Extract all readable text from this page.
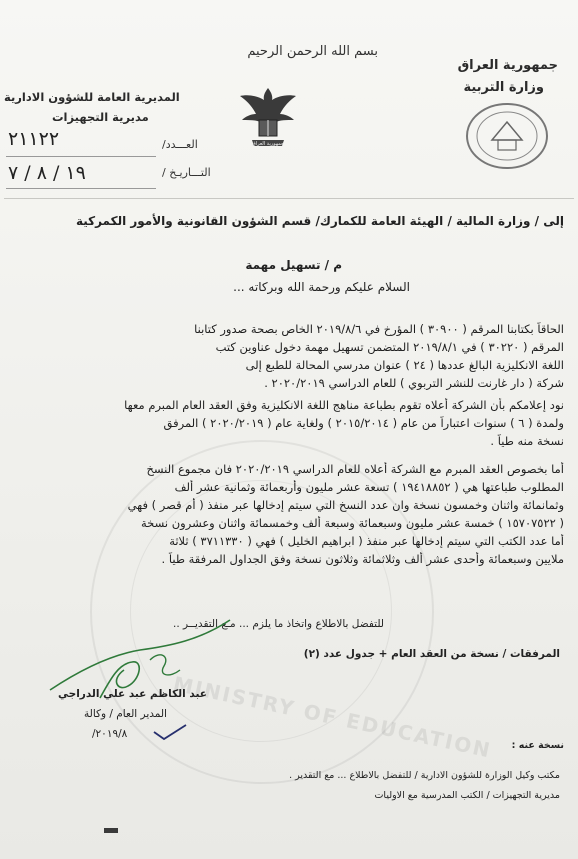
MINISTRY OF EDUCATION
جمهورية العراق
وزارة التربية
بسم الله الرحمن الرحيم
المديرية العامة للشؤون الادارية
مديرية التجهيزات
العـــدد/
٢١١٢٢
التـــاريـخ /
١٩ / ٨ / ٧
جمهورية العراق
إلى / وزارة المالية / الهيئة العامة للكمارك/ قسم الشؤون القانونية والأمور الكمركية
م / تسهيل مهمة
السلام عليكم ورحمة الله وبركاته ...
الحاقاً بكتابنا المرقم ( ٣٠٩٠٠ ) المؤرخ في ٢٠١٩/٨/٦ الخاص بصحة صدور كتابنا
المرقم ( ٣٠٢٢٠ ) في ٢٠١٩/٨/١ المتضمن تسهيل مهمة دخول عناوين كتب
اللغة الانكليزية البالغ عددها ( ٢٤ ) عنوان مدرسي المحالة للطبع إلى
شركة ( دار غارنت للنشر التربوي ) للعام الدراسي ٢٠٢٠/٢٠١٩ .
نود إعلامكم بأن الشركة أعلاه تقوم بطباعة مناهج اللغة الانكليزية وفق العقد العام المبرم معها
ولمدة ( ٦ ) سنوات اعتباراً من عام ( ٢٠١٥/٢٠١٤ ) ولغاية عام ( ٢٠٢٠/٢٠١٩ ) المرفق
نسخة منه طياً .
أما بخصوص العقد المبرم مع الشركة أعلاه للعام الدراسي ٢٠٢٠/٢٠١٩ فان مجموع النسخ
المطلوب طباعتها هي ( ١٩٤١٨٨٥٢ ) تسعة عشر مليون وأربعمائة وثمانية عشر ألف
وثمانمائة واثنان وخمسون نسخة وان عدد النسخ التي سيتم إدخالها عبر منفذ ( أم قصر ) فهي
( ١٥٧٠٧٥٢٢ ) خمسة عشر مليون وسبعمائة وسبعة ألف وخمسمائة واثنان وعشرون نسخة
أما عدد الكتب التي سيتم إدخالها عبر منفذ ( ابراهيم الخليل ) فهي ( ٣٧١١٣٣٠ ) ثلاثة
ملايين وسبعمائة وأحدى عشر ألف وثلاثمائة وثلاثون نسخة وفق الجداول المرفقة طياً .
للتفضل بالاطلاع واتخاذ ما يلزم ... مـع التقديــر ..
المرفقات / نسخة من العقد العام + جدول عدد (٢)
عبد الكاظم عبد علي الدراجي
المدير العام / وكالة
٢٠١٩/٨/
نسخة عنه :
مكتب وكيل الوزارة للشؤون الادارية / للتفضل بالاطلاع ... مع التقدير .
مديرية التجهيزات / الكتب المدرسية مع الاوليات
